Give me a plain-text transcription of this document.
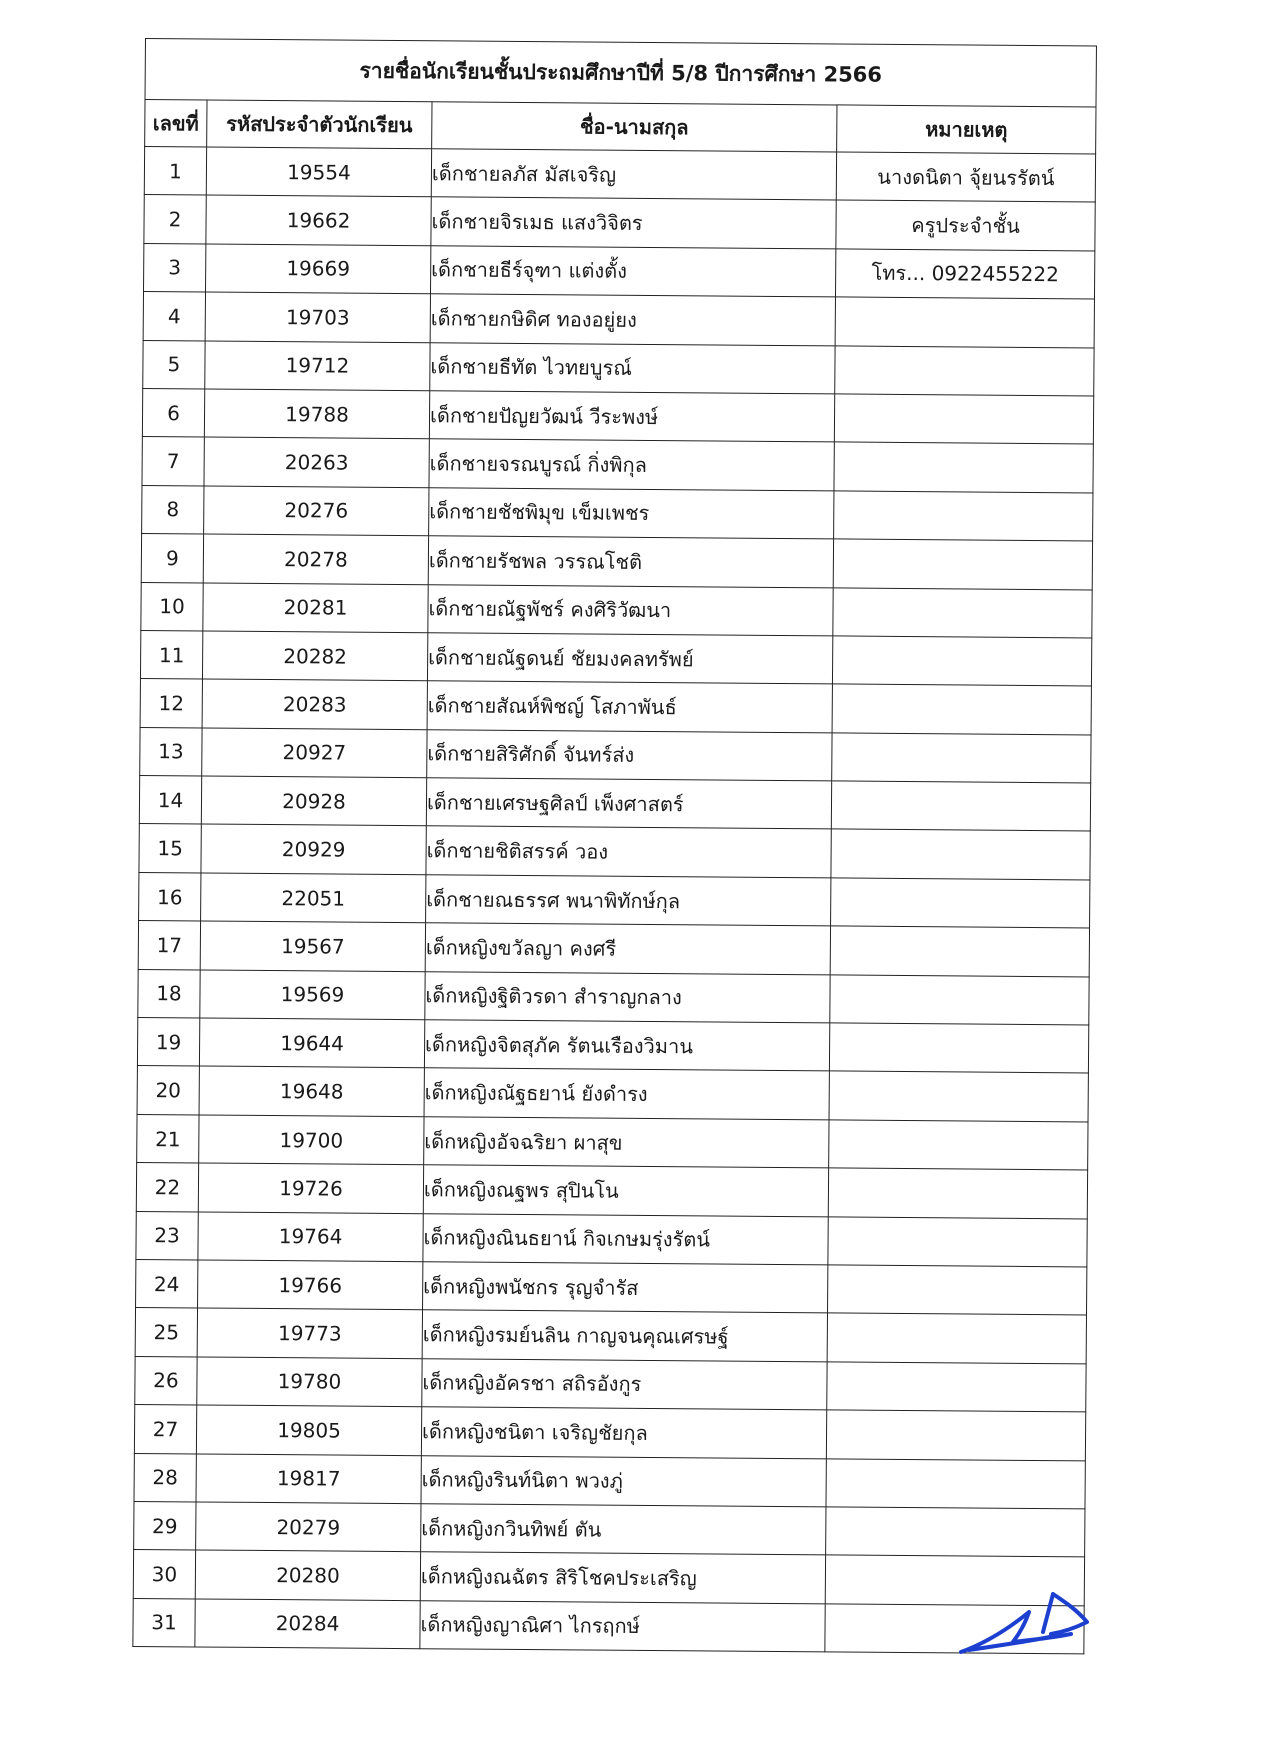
รายชื่อนักเรียนชั้นประถมศึกษาปีที่ 5/8 ปีการศึกษา 2566			
เลขที่	รหัสประจำตัวนักเรียน	ชื่อ-นามสกุล	หมายเหตุ
1	19554	เด็กชายลภัส มัสเจริญ	นางดนิตา จุ้ยนรรัตน์
2	19662	เด็กชายจิรเมธ แสงวิจิตร	ครูประจำชั้น
3	19669	เด็กชายธีร์จุฑา แต่งตั้ง	โทร... 0922455222
4	19703	เด็กชายกษิดิศ ทองอยู่ยง	
5	19712	เด็กชายธีทัต ไวทยบูรณ์	
6	19788	เด็กชายปัญยวัฒน์ วีระพงษ์	
7	20263	เด็กชายจรณบูรณ์ กิ่งพิกุล	
8	20276	เด็กชายชัชพิมุข เข็มเพชร	
9	20278	เด็กชายรัชพล วรรณโชติ	
10	20281	เด็กชายณัฐพัชร์ คงศิริวัฒนา	
11	20282	เด็กชายณัฐดนย์ ชัยมงคลทรัพย์	
12	20283	เด็กชายสัณห์พิชญ์ โสภาพันธ์	
13	20927	เด็กชายสิริศักดิ์ จันทร์ส่ง	
14	20928	เด็กชายเศรษฐศิลป์ เพ็งศาสตร์	
15	20929	เด็กชายชิติสรรค์ วอง	
16	22051	เด็กชายณธรรศ พนาพิทักษ์กุล	
17	19567	เด็กหญิงขวัลญา คงศรี	
18	19569	เด็กหญิงฐิติวรดา สำราญกลาง	
19	19644	เด็กหญิงจิตสุภัค รัตนเรืองวิมาน	
20	19648	เด็กหญิงณัฐธยาน์ ยังดำรง	
21	19700	เด็กหญิงอัจฉริยา ผาสุข	
22	19726	เด็กหญิงณฐพร สุปินโน	
23	19764	เด็กหญิงณินธยาน์ กิจเกษมรุ่งรัตน์	
24	19766	เด็กหญิงพนัชกร รุญจำรัส	
25	19773	เด็กหญิงรมย์นลิน กาญจนคุณเศรษฐ์	
26	19780	เด็กหญิงอัครชา สถิรอังกูร	
27	19805	เด็กหญิงชนิตา เจริญชัยกุล	
28	19817	เด็กหญิงรินท์นิตา พวงภู่	
29	20279	เด็กหญิงกวินทิพย์ ตัน	
30	20280	เด็กหญิงณฉัตร สิริโชคประเสริญ	
31	20284	เด็กหญิงญาณิศา ไกรฤกษ์	
